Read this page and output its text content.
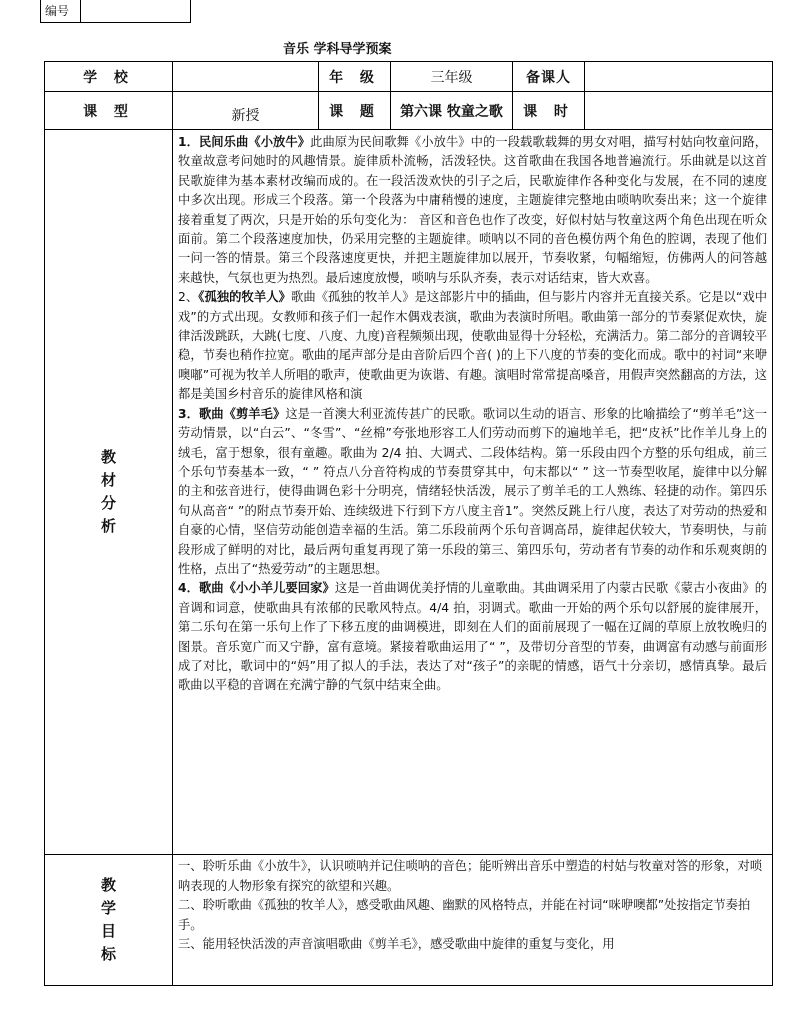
编号
音乐 学科导学预案
学 校		年 级	三年级	备课人	
课 型	新授	课 题	第六课 牧童之歌	课 时	
教材分析	1．民间乐曲《小放牛》此曲原为民间歌舞《小放牛》中的一段载歌载舞的男女对唱，描写村姑向牧童问路，牧童故意考问她时的风趣情景。旋律质朴流畅，活泼轻快。这首歌曲在我国各地普遍流行。乐曲就是以这首民歌旋律为基本素材改编而成的。在一段活泼欢快的引子之后，民歌旋律作各种变化与发展，在不同的速度中多次出现。形成三个段落。第一个段落为中庸稍慢的速度，主题旋律完整地由唢呐吹奏出来；这一个旋律接着重复了两次，只是开始的乐句变化为： 音区和音色也作了改变，好似村姑与牧童这两个角色出现在听众面前。第二个段落速度加快，仍采用完整的主题旋律。唢呐以不同的音色模仿两个角色的腔调，表现了他们一问一答的情景。第三个段落速度更快，并把主题旋律加以展开，节奏收紧，句幅缩短，仿佛两人的问答越来越快，气氛也更为热烈。最后速度放慢，唢呐与乐队齐奏，表示对话结束，皆大欢喜。

2、《孤独的牧羊人》歌曲《孤独的牧羊人》是这部影片中的插曲，但与影片内容并无直接关系。它是以“戏中戏”的方式出现。女教师和孩子们一起作木偶戏表演，歌曲为表演时所唱。歌曲第一部分的节奏紧促欢快，旋律活泼跳跃，大跳(七度、八度、九度)音程频频出现，使歌曲显得十分轻松，充满活力。第二部分的音调较平稳，节奏也稍作拉宽。歌曲的尾声部分是由音阶后四个音( )的上下八度的节奏的变化而成。歌中的衬词“来咿噢嘟”可视为牧羊人所唱的歌声，使歌曲更为诙谐、有趣。演唱时常常提高嗓音，用假声突然翻高的方法，这都是美国乡村音乐的旋律风格和演

3．歌曲《剪羊毛》这是一首澳大利亚流传甚广的民歌。歌词以生动的语言、形象的比喻描绘了“剪羊毛”这一劳动情景，以“白云”、“冬雪”、“丝棉”夸张地形容工人们劳动而剪下的遍地羊毛，把“皮袄”比作羊儿身上的绒毛，富于想象，很有童趣。歌曲为 2/4 拍、大调式、二段体结构。第一乐段由四个方整的乐句组成，前三个乐句节奏基本一致，“ ” 符点八分音符构成的节奏贯穿其中，句末都以“ ” 这一节奏型收尾，旋律中以分解的主和弦音进行，使得曲调色彩十分明亮，情绪轻快活泼，展示了剪羊毛的工人熟练、轻捷的动作。第四乐句从高音“ ”的附点节奏开始、连续级进下行到下方八度主音1”。突然反跳上行八度，表达了对劳动的热爱和自豪的心情，坚信劳动能创造幸福的生活。第二乐段前两个乐句音调高昂，旋律起伏较大，节奏明快，与前段形成了鲜明的对比，最后两句重复再现了第一乐段的第三、第四乐句，劳动者有节奏的动作和乐观爽朗的性格，点出了“热爱劳动”的主题思想。

4．歌曲《小小羊儿要回家》这是一首曲调优美抒情的儿童歌曲。其曲调采用了内蒙古民歌《蒙古小夜曲》的音调和词意，使歌曲具有浓郁的民歌风特点。4/4 拍，羽调式。歌曲一开始的两个乐句以舒展的旋律展开，第二乐句在第一乐句上作了下移五度的曲调模进，即刻在人们的面前展现了一幅在辽阔的草原上放牧晚归的图景。音乐宽广而又宁静，富有意境。紧接着歌曲运用了“ ”，及带切分音型的节奏，曲调富有动感与前面形成了对比，歌词中的“妈”用了拟人的手法，表达了对“孩子”的亲昵的情感，语气十分亲切，感情真挚。最后歌曲以平稳的音调在充满宁静的气氛中结束全曲。				

教学目标	一、聆听乐曲《小放牛》，认识唢呐并记住唢呐的音色；能听辨出音乐中塑造的村姑与牧童对答的形象，对唢呐表现的人物形象有探究的欲望和兴趣。

二、聆听歌曲《孤独的牧羊人》，感受歌曲风趣、幽默的风格特点，并能在衬词“咪咿噢都”处按指定节奏拍手。

三、能用轻快活泼的声音演唱歌曲《剪羊毛》，感受歌曲中旋律的重复与变化，用				
